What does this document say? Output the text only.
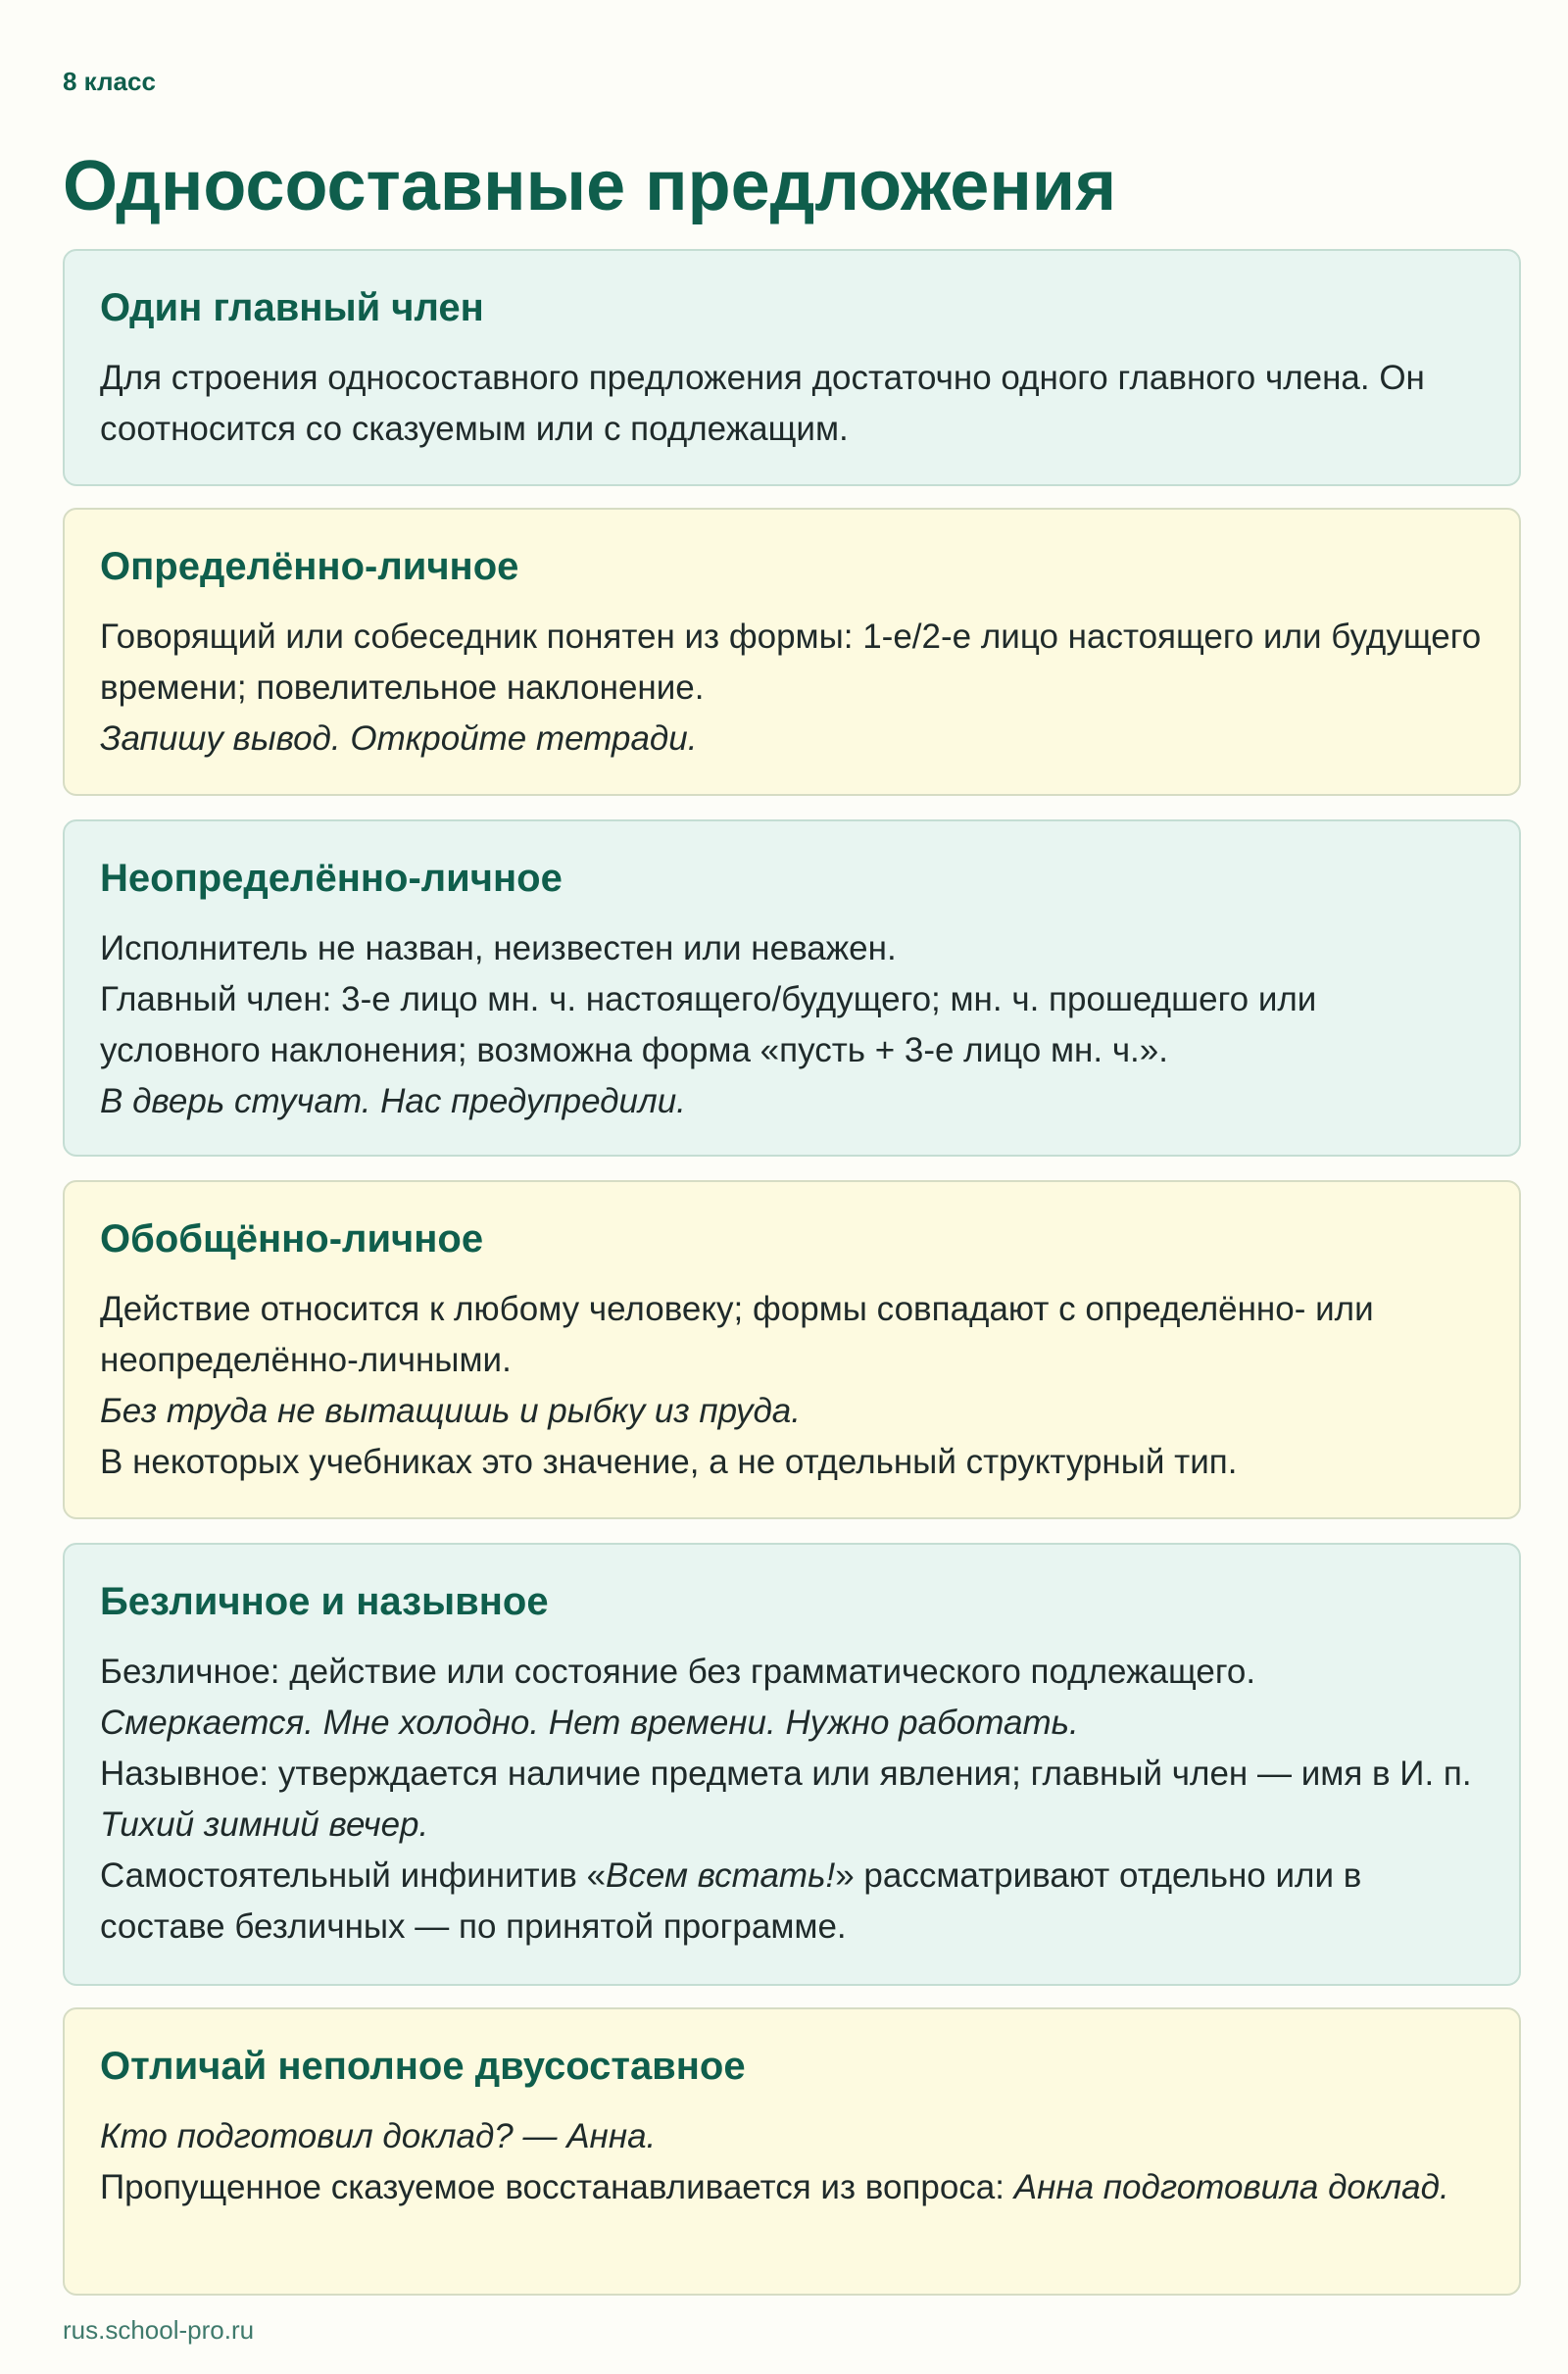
8 класс

Односоставные предложения
Один главный член

Для строения односоставного предложения достаточно одного главного члена. Он соотносится со сказуемым или с подлежащим.

Определённо-личное

Говорящий или собеседник понятен из формы: 1-е/2-е лицо настоящего или будущего времени; повелительное наклонение.

Запишу вывод. Откройте тетради.

Неопределённо-личное

Исполнитель не назван, неизвестен или неважен.

Главный член: 3-е лицо мн. ч. настоящего/будущего; мн. ч. прошедшего или условного наклонения; возможна форма «пусть + 3-е лицо мн. ч.».

В дверь стучат. Нас предупредили.

Обобщённо-личное

Действие относится к любому человеку; формы совпадают с определённо- или неопределённо-личными.

Без труда не вытащишь и рыбку из пруда.

В некоторых учебниках это значение, а не отдельный структурный тип.

Безличное и назывное

Безличное: действие или состояние без грамматического подлежащего.

Смеркается. Мне холодно. Нет времени. Нужно работать.

Назывное: утверждается наличие предмета или явления; главный член — имя в И. п. Тихий зимний вечер.

Самостоятельный инфинитив «Всем встать!» рассматривают отдельно или в составе безличных — по принятой программе.

Отличай неполное двусоставное

Кто подготовил доклад? — Анна.

Пропущенное сказуемое восстанавливается из вопроса: Анна подготовила доклад.

rus.school-pro.ru
